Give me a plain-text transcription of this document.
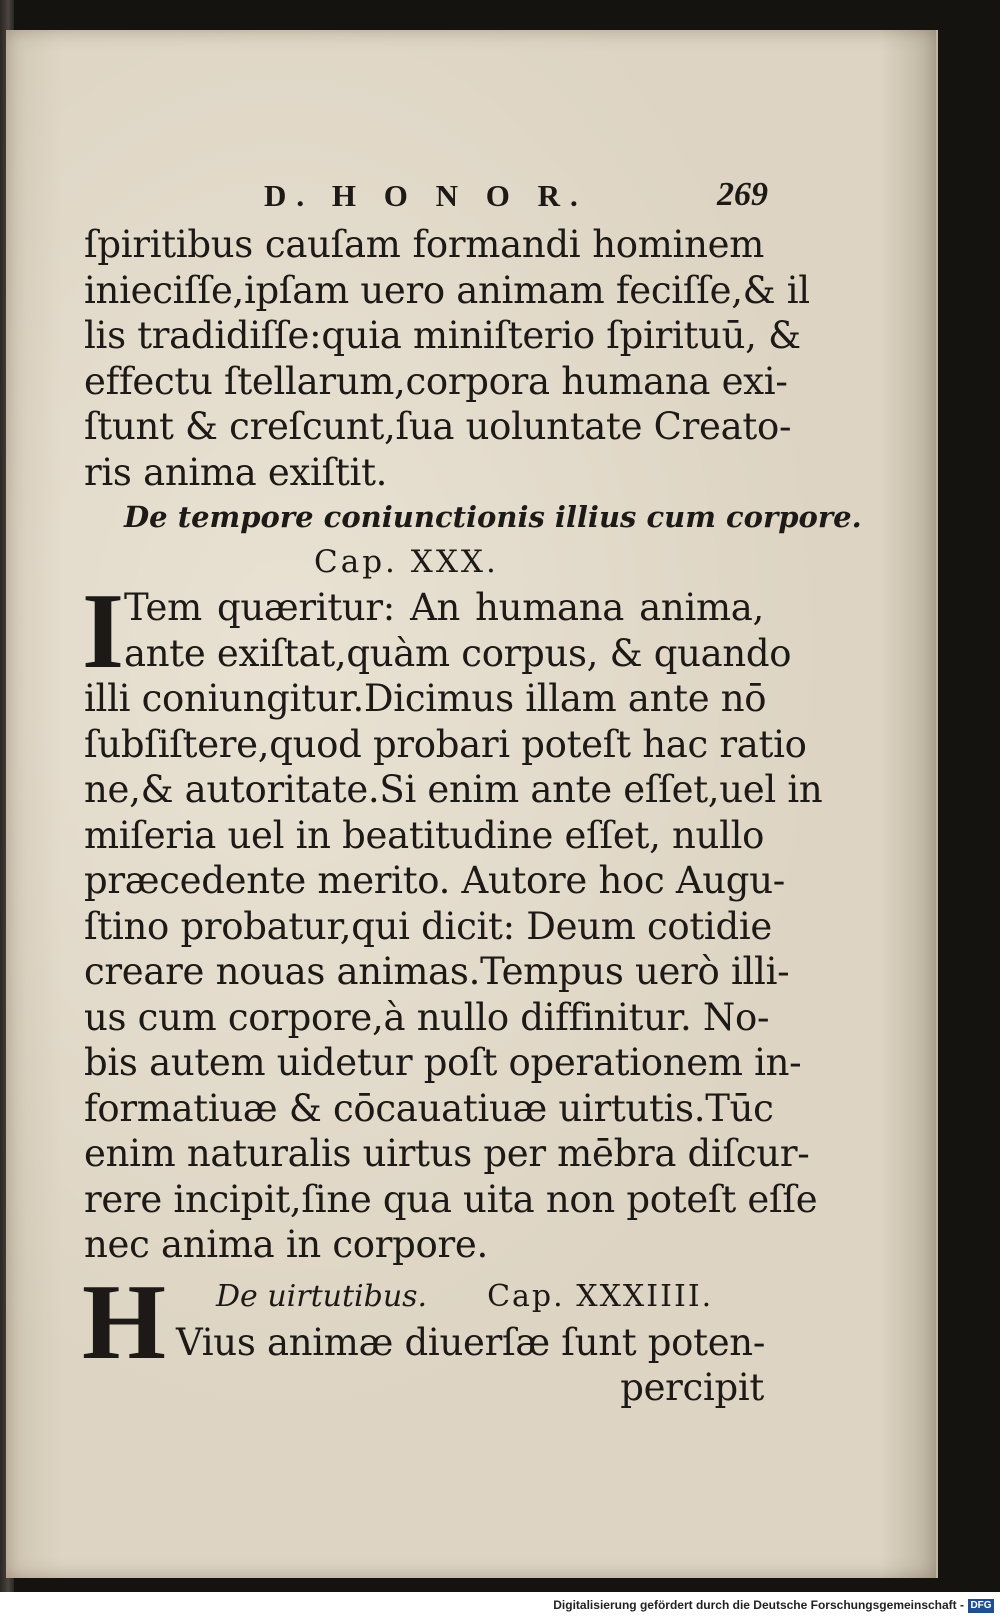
D. H O N O R.	269
ſpiritibus cauſam formandi hominem
inieciſſe,ipſam uero animam feciſſe,& il
lis tradidiſſe:quia miniſterio ſpirituū, &
effectu ſtellarum,corpora humana exi-
ſtunt & creſcunt,ſua uoluntate Creato-
ris anima exiſtit.
De tempore coniunctionis illius cum corpore.
Cap. XXX.
I Tem quæritur: An humana anima,
ante exiſtat,quàm corpus, & quando
illi coniungitur.Dicimus illam ante nō
ſubſiſtere,quod probari poteſt hac ratio
ne,& autoritate.Si enim ante eſſet,uel in
miſeria uel in beatitudine eſſet, nullo
præcedente merito. Autore hoc Augu-
ſtino probatur,qui dicit: Deum cotidie
creare nouas animas.Tempus uerò illi-
us cum corpore,à nullo diffinitur. No-
bis autem uidetur poſt operationem in-
formatiuæ & cōcauatiuæ uirtutis.Tūc
enim naturalis uirtus per mēbra diſcur-
rere incipit,ſine qua uita non poteſt eſſe
nec anima in corpore.
H De uirtutibus. Cap. XXXIIII.
Vius animæ diuerſæ ſunt poten-
percipit
Digitalisierung gefördert durch die Deutsche Forschungsgemeinschaft - DFG
